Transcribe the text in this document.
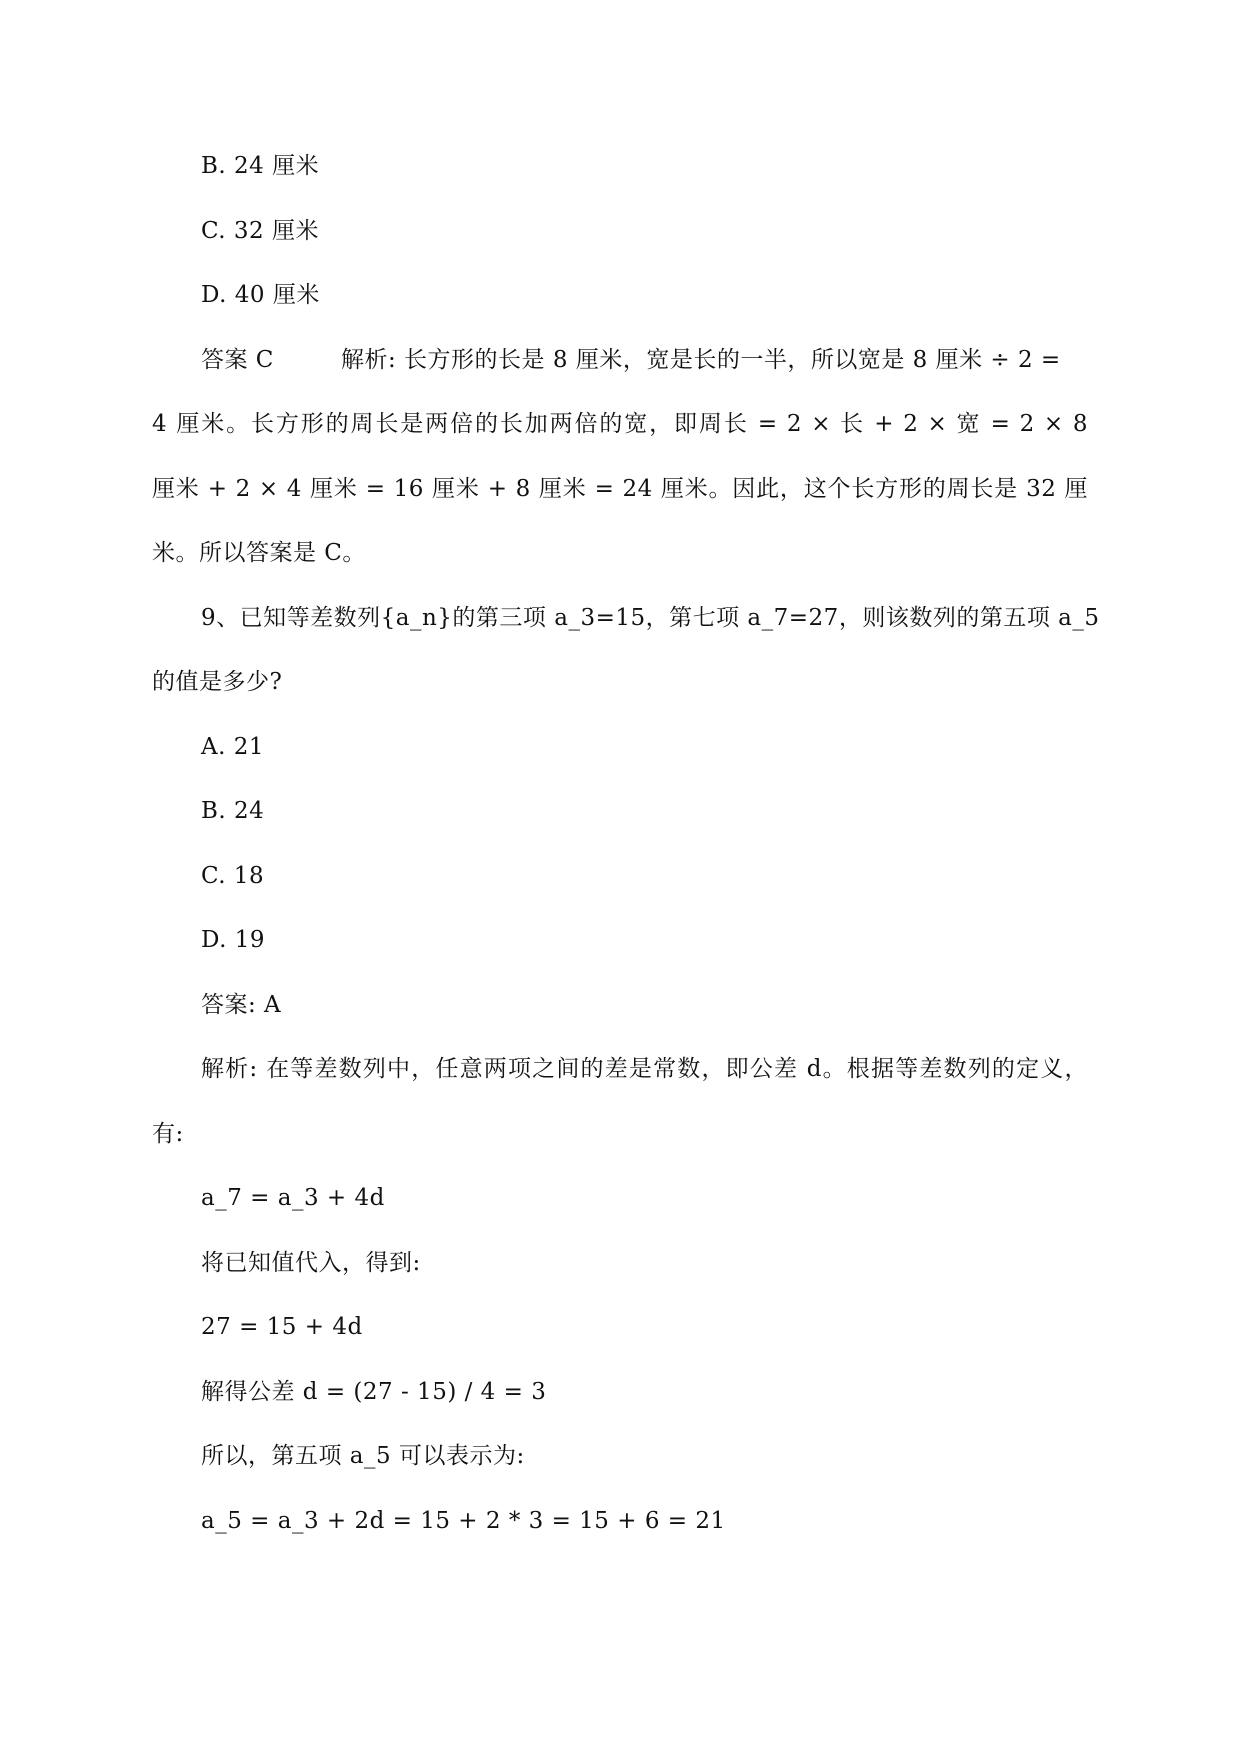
B. 24 厘米
C. 32 厘米
D. 40 厘米
答案 C	解析: 长方形的长是 8 厘米，宽是长的一半，所以宽是 8 厘米 ÷ 2 =
4 厘米。长方形的周长是两倍的长加两倍的宽，即周长 = 2 × 长 + 2 × 宽 = 2 × 8
厘米 + 2 × 4 厘米 = 16 厘米 + 8 厘米 = 24 厘米。因此，这个长方形的周长是 32 厘
米。所以答案是 C。
9、已知等差数列{a_n}的第三项 a_3=15，第七项 a_7=27，则该数列的第五项 a_5
的值是多少?
A. 21
B. 24
C. 18
D. 19
答案: A
解析: 在等差数列中，任意两项之间的差是常数，即公差 d。根据等差数列的定义，
有:
a_7 = a_3 + 4d
将已知值代入，得到:
27 = 15 + 4d
解得公差 d = (27 - 15) / 4 = 3
所以，第五项 a_5 可以表示为:
a_5 = a_3 + 2d = 15 + 2 * 3 = 15 + 6 = 21
